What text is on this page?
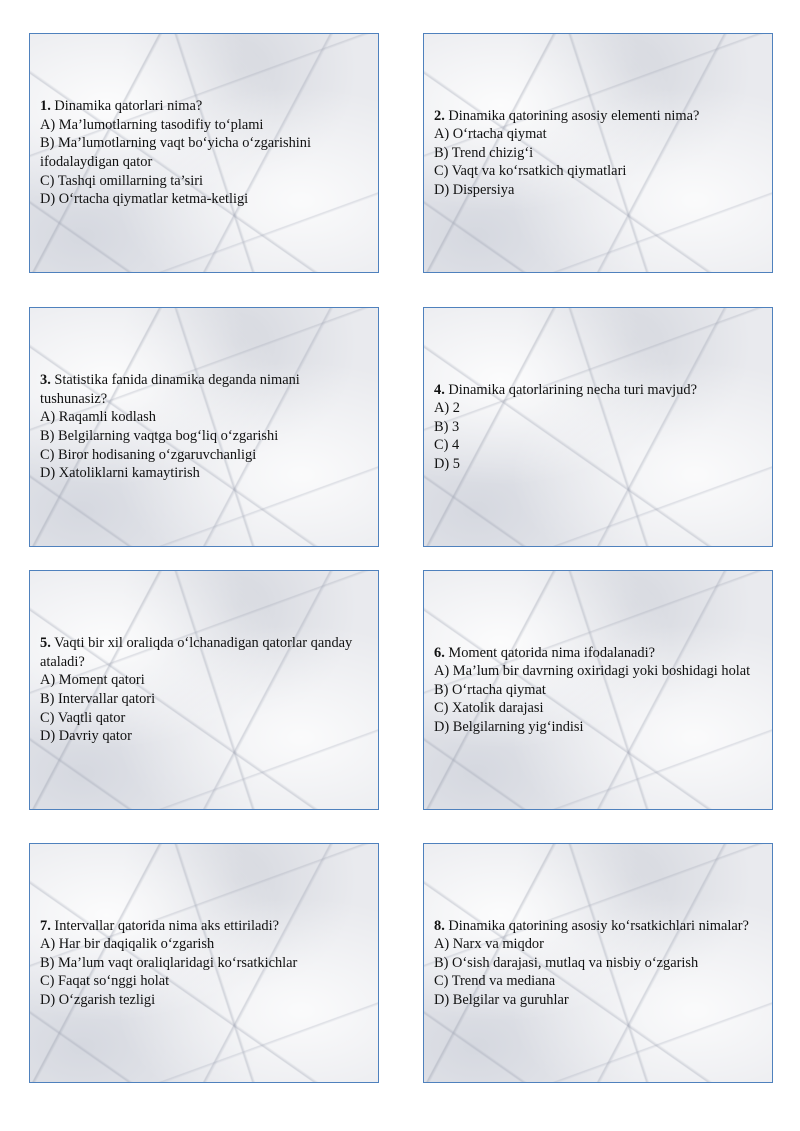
1. Dinamika qatorlari nima?
A) Ma’lumotlarning tasodifiy to‘plami
B) Ma’lumotlarning vaqt bo‘yicha o‘zgarishini ifodalaydigan qator
C) Tashqi omillarning ta’siri
D) O‘rtacha qiymatlar ketma-ketligi
2. Dinamika qatorining asosiy elementi nima?
A) O‘rtacha qiymat
B) Trend chizig‘i
C) Vaqt va ko‘rsatkich qiymatlari
D) Dispersiya
3. Statistika fanida dinamika deganda nimani tushunasiz?
A) Raqamli kodlash
B) Belgilarning vaqtga bog‘liq o‘zgarishi
C) Biror hodisaning o‘zgaruvchanligi
D) Xatoliklarni kamaytirish
4. Dinamika qatorlarining necha turi mavjud?
A) 2
B) 3
C) 4
D) 5
5. Vaqti bir xil oraliqda o‘lchanadigan qatorlar qanday ataladi?
A) Moment qatori
B) Intervallar qatori
C) Vaqtli qator
D) Davriy qator
6. Moment qatorida nima ifodalanadi?
A) Ma’lum bir davrning oxiridagi yoki boshidagi holat
B) O‘rtacha qiymat
C) Xatolik darajasi
D) Belgilarning yig‘indisi
7. Intervallar qatorida nima aks ettiriladi?
A) Har bir daqiqalik o‘zgarish
B) Ma’lum vaqt oraliqlaridagi ko‘rsatkichlar
C) Faqat so‘nggi holat
D) O‘zgarish tezligi
8. Dinamika qatorining asosiy ko‘rsatkichlari nimalar?
A) Narx va miqdor
B) O‘sish darajasi, mutlaq va nisbiy o‘zgarish
C) Trend va mediana
D) Belgilar va guruhlar
